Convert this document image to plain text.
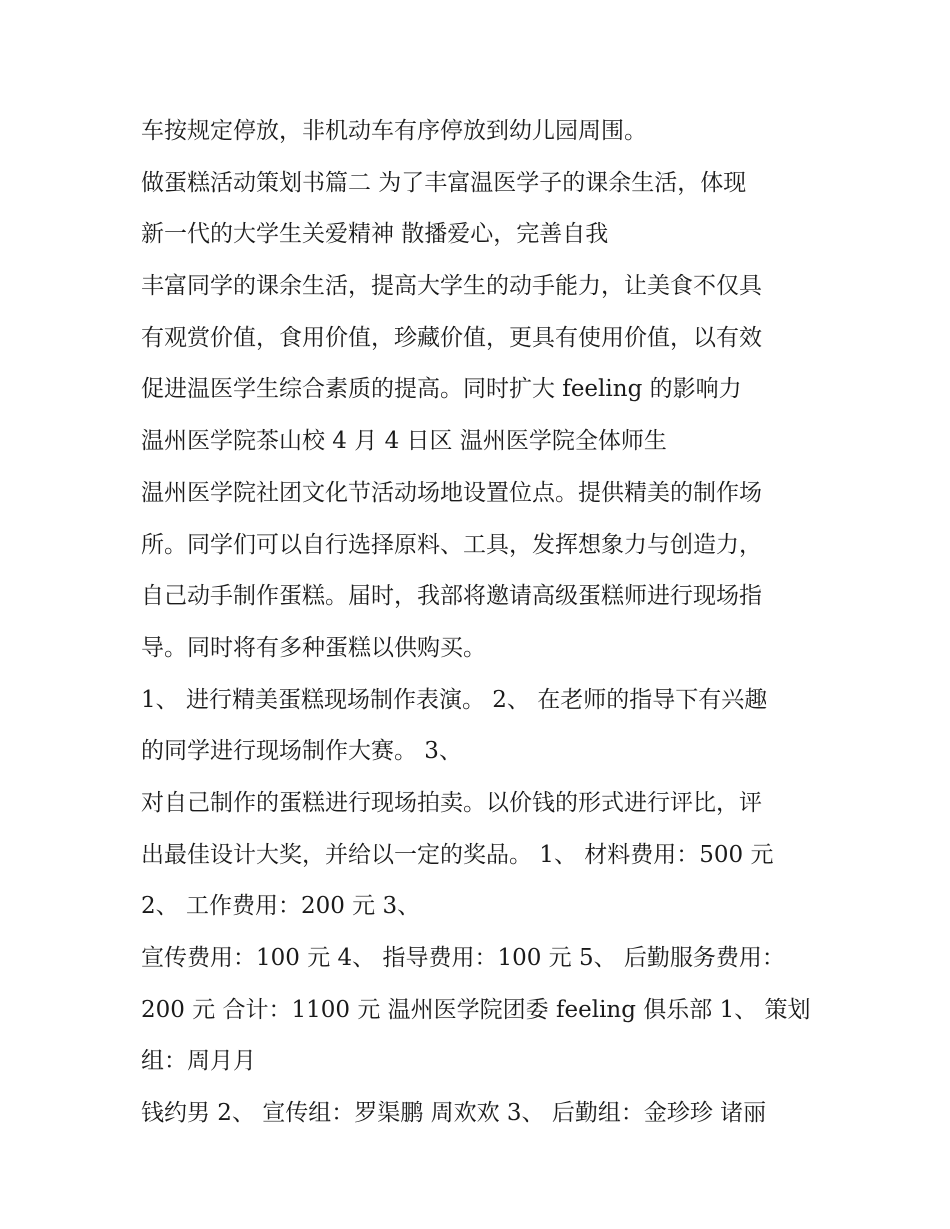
车按规定停放，非机动车有序停放到幼儿园周围。
做蛋糕活动策划书篇二 为了丰富温医学子的课余生活，体现
新一代的大学生关爱精神 散播爱心，完善自我
丰富同学的课余生活，提高大学生的动手能力，让美食不仅具
有观赏价值，食用价值，珍藏价值，更具有使用价值，以有效
促进温医学生综合素质的提高。同时扩大 feeling 的影响力
温州医学院茶山校 4 月 4 日区 温州医学院全体师生
温州医学院社团文化节活动场地设置位点。提供精美的制作场
所。同学们可以自行选择原料、工具，发挥想象力与创造力，
自己动手制作蛋糕。届时，我部将邀请高级蛋糕师进行现场指
导。同时将有多种蛋糕以供购买。
1、 进行精美蛋糕现场制作表演。 2、 在老师的指导下有兴趣
的同学进行现场制作大赛。 3、
对自己制作的蛋糕进行现场拍卖。以价钱的形式进行评比，评
出最佳设计大奖，并给以一定的奖品。 1、 材料费用：500 元
2、 工作费用：200 元 3、
宣传费用：100 元 4、 指导费用：100 元 5、 后勤服务费用：
200 元 合计：1100 元 温州医学院团委 feeling 俱乐部 1、 策划
组：周月月
钱约男 2、 宣传组：罗渠鹏 周欢欢 3、 后勤组：金珍珍 诸丽
